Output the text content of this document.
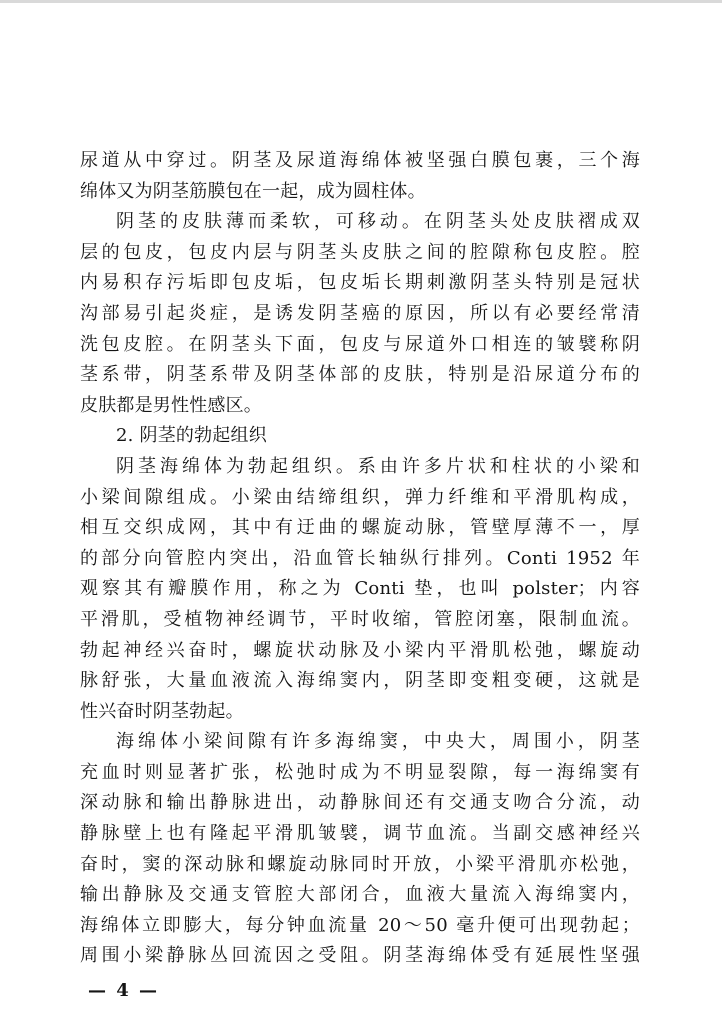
尿道从中穿过。阴茎及尿道海绵体被坚强白膜包裹，三个海
绵体又为阴茎筋膜包在一起，成为圆柱体。
阴茎的皮肤薄而柔软，可移动。在阴茎头处皮肤褶成双
层的包皮，包皮内层与阴茎头皮肤之间的腔隙称包皮腔。腔
内易积存污垢即包皮垢，包皮垢长期刺激阴茎头特别是冠状
沟部易引起炎症，是诱发阴茎癌的原因，所以有必要经常清
洗包皮腔。在阴茎头下面，包皮与尿道外口相连的皱襞称阴
茎系带，阴茎系带及阴茎体部的皮肤，特别是沿尿道分布的
皮肤都是男性性感区。
2. 阴茎的勃起组织
阴茎海绵体为勃起组织。系由许多片状和柱状的小梁和
小梁间隙组成。小梁由结缔组织，弹力纤维和平滑肌构成，
相互交织成网，其中有迂曲的螺旋动脉，管壁厚薄不一，厚
的部分向管腔内突出，沿血管长轴纵行排列。Conti 1952 年
观察其有瓣膜作用，称之为 Conti 垫，也叫 polster；内容
平滑肌，受植物神经调节，平时收缩，管腔闭塞，限制血流。
勃起神经兴奋时，螺旋状动脉及小梁内平滑肌松弛，螺旋动
脉舒张，大量血液流入海绵窦内，阴茎即变粗变硬，这就是
性兴奋时阴茎勃起。
海绵体小梁间隙有许多海绵窦，中央大，周围小，阴茎
充血时则显著扩张，松弛时成为不明显裂隙，每一海绵窦有
深动脉和输出静脉进出，动静脉间还有交通支吻合分流，动
静脉壁上也有隆起平滑肌皱襞，调节血流。当副交感神经兴
奋时，窦的深动脉和螺旋动脉同时开放，小梁平滑肌亦松弛，
输出静脉及交通支管腔大部闭合，血液大量流入海绵窦内，
海绵体立即膨大，每分钟血流量 20～50 毫升便可出现勃起；
周围小梁静脉丛回流因之受阻。阴茎海绵体受有延展性坚强
— 4 —
